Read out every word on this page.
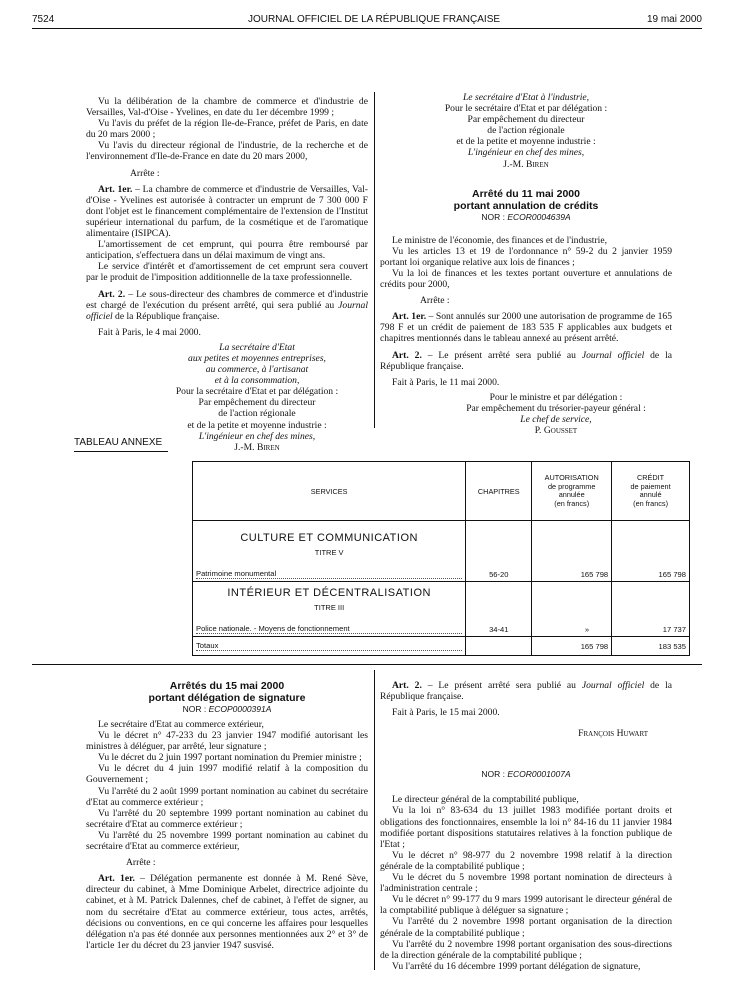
7524	JOURNAL OFFICIEL DE LA RÉPUBLIQUE FRANÇAISE	19 mai 2000

Vu la délibération de la chambre de commerce et d'industrie de Versailles, Val-d'Oise - Yvelines, en date du 1er décembre 1999 ;

Vu l'avis du préfet de la région Ile-de-France, préfet de Paris, en date du 20 mars 2000 ;

Vu l'avis du directeur régional de l'industrie, de la recherche et de l'environnement d'Ile-de-France en date du 20 mars 2000,

Arrête :

Art. 1er. – La chambre de commerce et d'industrie de Versailles, Val-d'Oise - Yvelines est autorisée à contracter un emprunt de 7 300 000 F dont l'objet est le financement complémentaire de l'extension de l'Institut supérieur international du parfum, de la cosmétique et de l'aromatique alimentaire (ISIPCA).

L'amortissement de cet emprunt, qui pourra être remboursé par anticipation, s'effectuera dans un délai maximum de vingt ans.

Le service d'intérêt et d'amortissement de cet emprunt sera couvert par le produit de l'imposition additionnelle de la taxe professionnelle.

Art. 2. – Le sous-directeur des chambres de commerce et d'industrie est chargé de l'exécution du présent arrêté, qui sera publié au Journal officiel de la République française.

Fait à Paris, le 4 mai 2000.

La secrétaire d'Etat

aux petites et moyennes entreprises,

au commerce, à l'artisanat

et à la consommation,

Pour la secrétaire d'Etat et par délégation :

Par empêchement du directeur

de l'action régionale

et de la petite et moyenne industrie :

L'ingénieur en chef des mines,

J.-M. Biren

Le secrétaire d'Etat à l'industrie,

Pour le secrétaire d'Etat et par délégation :

Par empêchement du directeur

de l'action régionale

et de la petite et moyenne industrie :

L'ingénieur en chef des mines,

J.-M. Biren

Arrêté du 11 mai 2000
portant annulation de crédits
NOR : ECOR0004639A

Le ministre de l'économie, des finances et de l'industrie,

Vu les articles 13 et 19 de l'ordonnance n° 59-2 du 2 janvier 1959 portant loi organique relative aux lois de finances ;

Vu la loi de finances et les textes portant ouverture et annulations de crédits pour 2000,

Arrête :

Art. 1er. – Sont annulés sur 2000 une autorisation de programme de 165 798 F et un crédit de paiement de 183 535 F applicables aux budgets et chapitres mentionnés dans le tableau annexé au présent arrêté.

Art. 2. – Le présent arrêté sera publié au Journal officiel de la République française.

Fait à Paris, le 11 mai 2000.

Pour le ministre et par délégation :

Par empêchement du trésorier-payeur général :

Le chef de service,

P. Gousset

TABLEAU ANNEXE
SERVICES	CHAPITRES	AUTORISATION
de programme
annulée
(en francs)	CRÉDIT
de paiement
annulé
(en francs)

CULTURE ET COMMUNICATION
TITRE V
Patrimoine monumental	56-20	165 798	165 798

INTÉRIEUR ET DÉCENTRALISATION
TITRE III
Police nationale. - Moyens de fonctionnement	34-41	»	17 737

Totaux		165 798	183 535
Arrêtés du 15 mai 2000
portant délégation de signature
NOR : ECOP0000391A

Le secrétaire d'Etat au commerce extérieur,

Vu le décret n° 47-233 du 23 janvier 1947 modifié autorisant les ministres à déléguer, par arrêté, leur signature ;

Vu le décret du 2 juin 1997 portant nomination du Premier ministre ;

Vu le décret du 4 juin 1997 modifié relatif à la composition du Gouvernement ;

Vu l'arrêté du 2 août 1999 portant nomination au cabinet du secrétaire d'Etat au commerce extérieur ;

Vu l'arrêté du 20 septembre 1999 portant nomination au cabinet du secrétaire d'Etat au commerce extérieur ;

Vu l'arrêté du 25 novembre 1999 portant nomination au cabinet du secrétaire d'Etat au commerce extérieur,

Arrête :

Art. 1er. – Délégation permanente est donnée à M. René Sève, directeur du cabinet, à Mme Dominique Arbelet, directrice adjointe du cabinet, et à M. Patrick Dalennes, chef de cabinet, à l'effet de signer, au nom du secrétaire d'Etat au commerce extérieur, tous actes, arrêtés, décisions ou conventions, en ce qui concerne les affaires pour lesquelles délégation n'a pas été donnée aux personnes mentionnées aux 2° et 3° de l'article 1er du décret du 23 janvier 1947 susvisé.

Art. 2. – Le présent arrêté sera publié au Journal officiel de la République française.

Fait à Paris, le 15 mai 2000.

François Huwart

NOR : ECOR0001007A

Le directeur général de la comptabilité publique,

Vu la loi n° 83-634 du 13 juillet 1983 modifiée portant droits et obligations des fonctionnaires, ensemble la loi n° 84-16 du 11 janvier 1984 modifiée portant dispositions statutaires relatives à la fonction publique de l'Etat ;

Vu le décret n° 98-977 du 2 novembre 1998 relatif à la direction générale de la comptabilité publique ;

Vu le décret du 5 novembre 1998 portant nomination de directeurs à l'administration centrale ;

Vu le décret n° 99-177 du 9 mars 1999 autorisant le directeur général de la comptabilité publique à déléguer sa signature ;

Vu l'arrêté du 2 novembre 1998 portant organisation de la direction générale de la comptabilité publique ;

Vu l'arrêté du 2 novembre 1998 portant organisation des sous-directions de la direction générale de la comptabilité publique ;

Vu l'arrêté du 16 décembre 1999 portant délégation de signature,
